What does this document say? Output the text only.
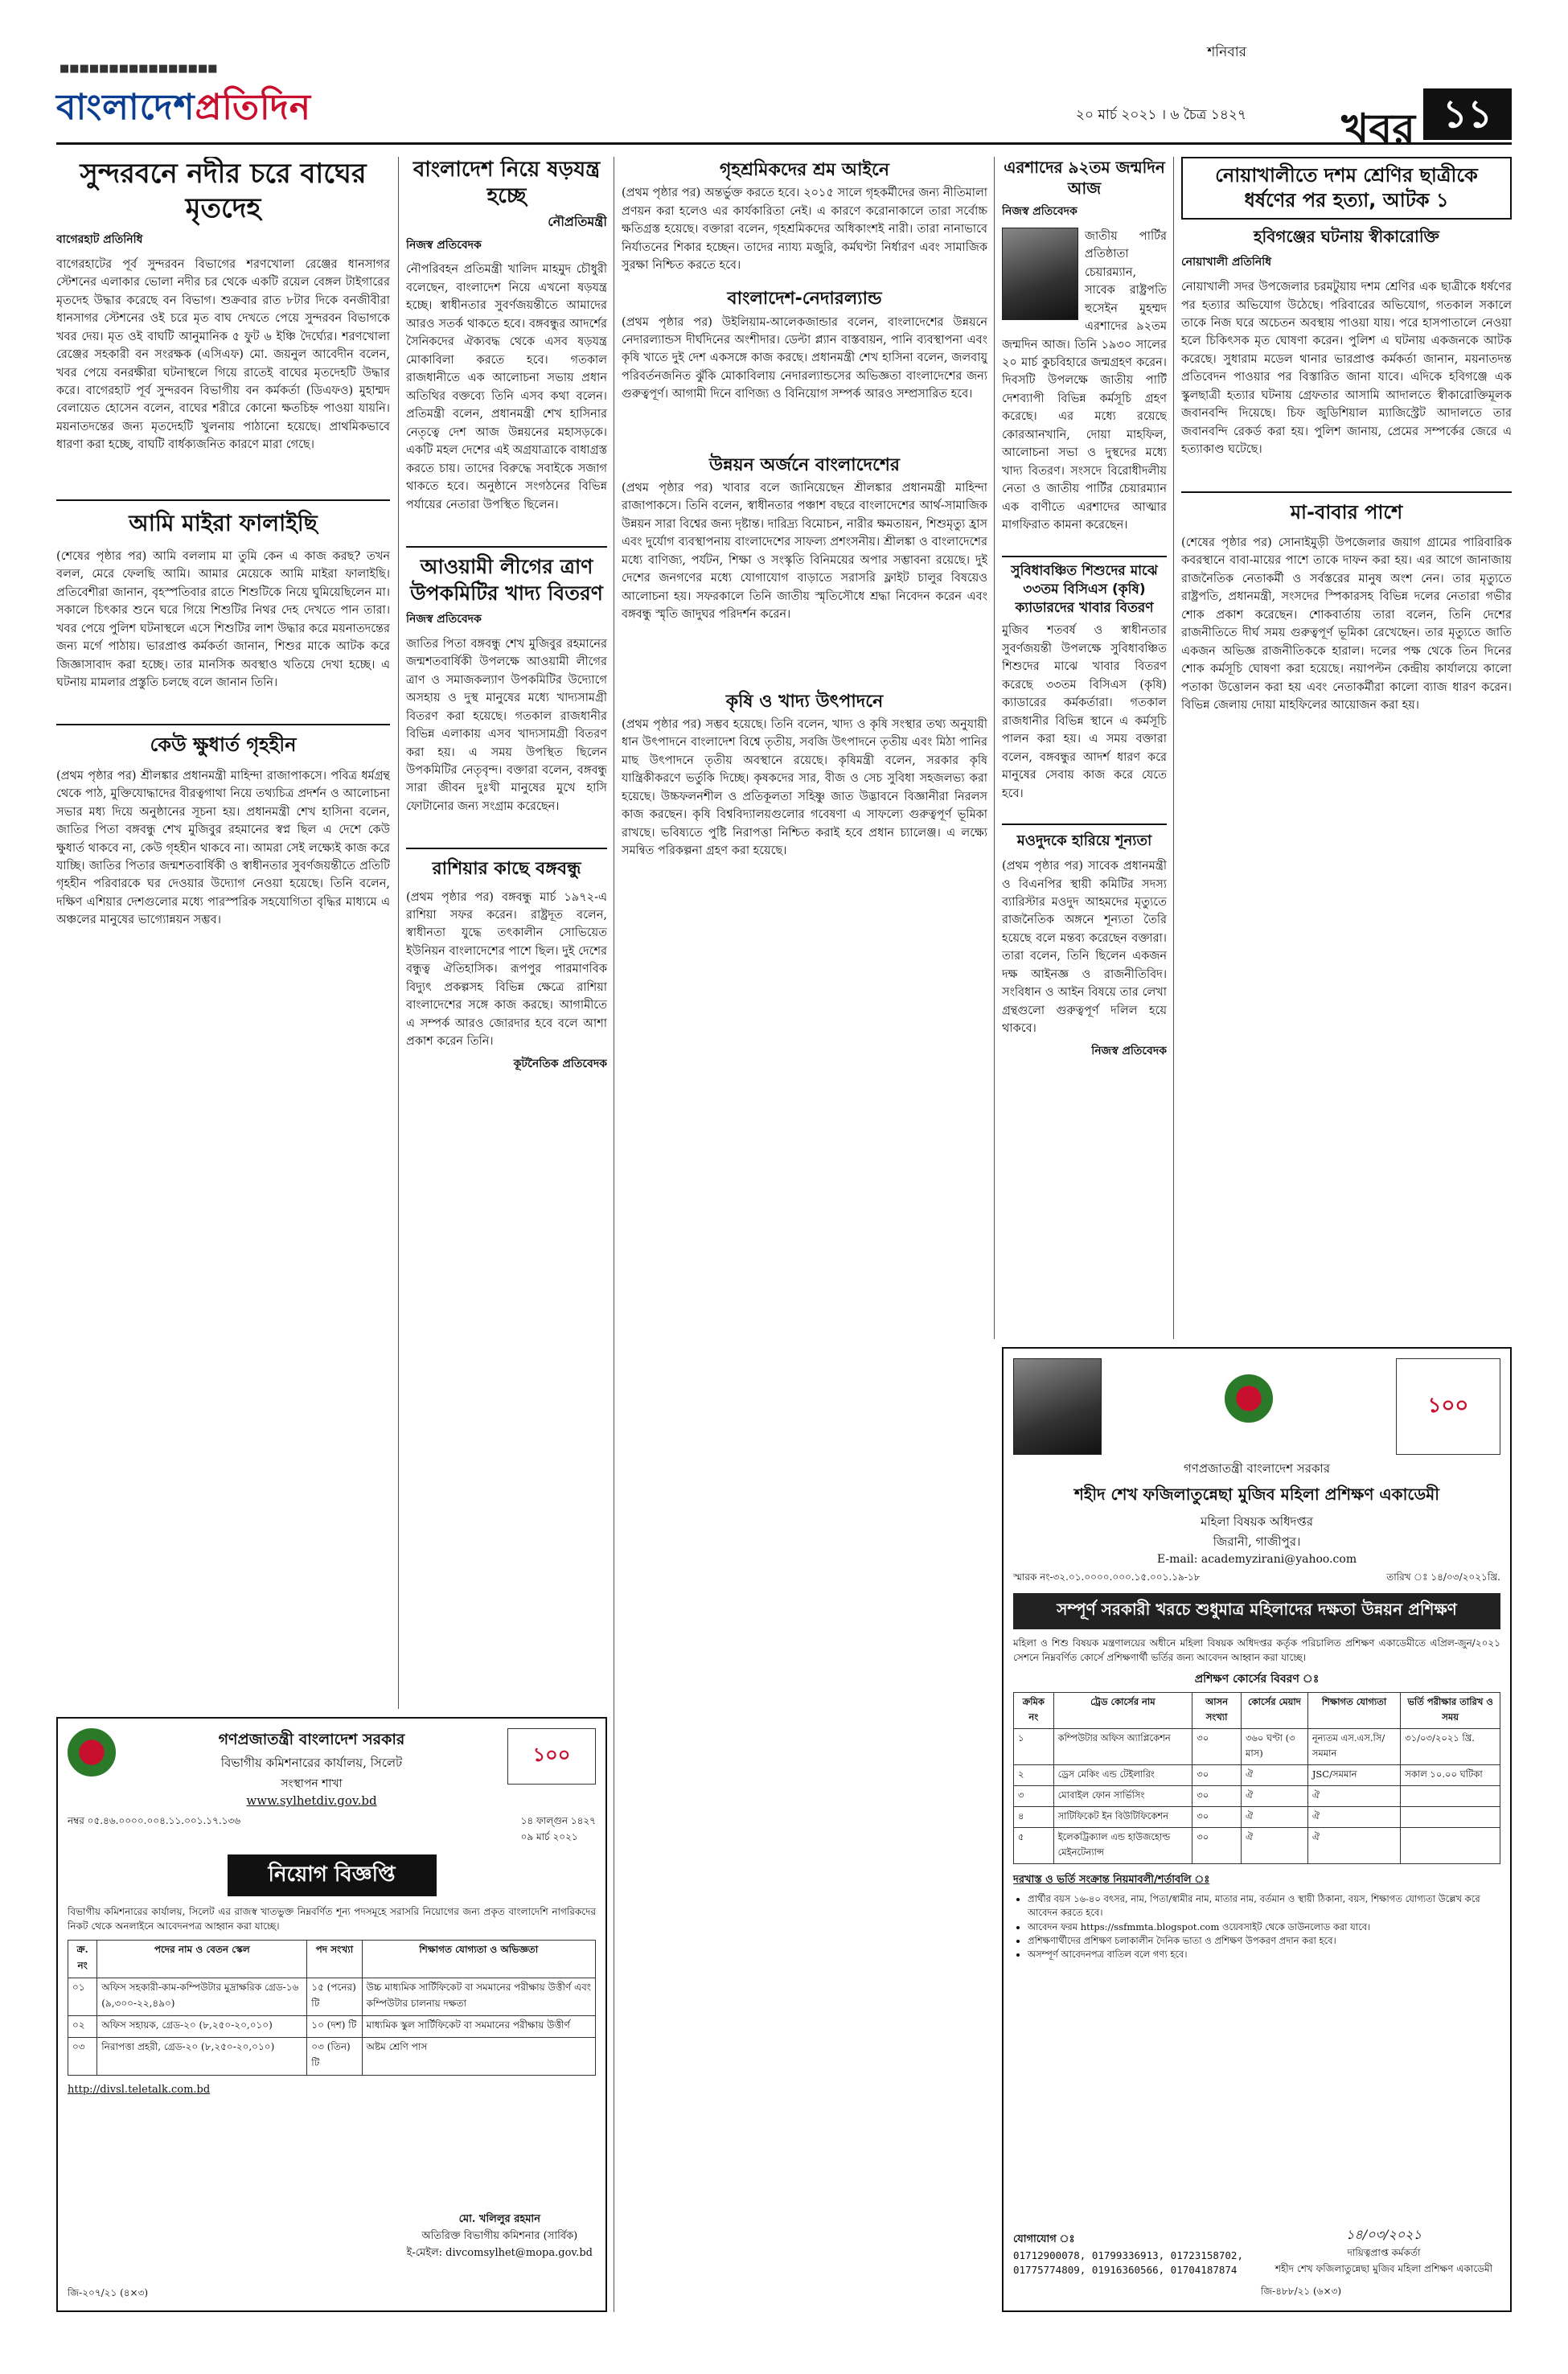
■■■■■■■■■■■■■■■■
বাংলাদেশপ্রতিদিন
শনিবার
২০ মার্চ ২০২১ । ৬ চৈত্র ১৪২৭ খবর ১১
সুন্দরবনে নদীর চরে বাঘের মৃতদেহ
বাগেরহাট প্রতিনিধি

বাগেরহাটের পূর্ব সুন্দরবন বিভাগের শরণখোলা রেঞ্জের ধানসাগর স্টেশনের এলাকার ভোলা নদীর চর থেকে একটি রয়েল বেঙ্গল টাইগারের মৃতদেহ উদ্ধার করেছে বন বিভাগ। শুক্রবার রাত ৮টার দিকে বনজীবীরা ধানসাগর স্টেশনের ওই চরে মৃত বাঘ দেখতে পেয়ে সুন্দরবন বিভাগকে খবর দেয়। মৃত ওই বাঘটি আনুমানিক ৫ ফুট ৬ ইঞ্চি দৈর্ঘ্যের। শরণখোলা রেঞ্জের সহকারী বন সংরক্ষক (এসিএফ) মো. জয়নুল আবেদীন বলেন, খবর পেয়ে বনরক্ষীরা ঘটনাস্থলে গিয়ে রাতেই বাঘের মৃতদেহটি উদ্ধার করে। বাগেরহাট পূর্ব সুন্দরবন বিভাগীয় বন কর্মকর্তা (ডিএফও) মুহাম্মদ বেলায়েত হোসেন বলেন, বাঘের শরীরে কোনো ক্ষতচিহ্ন পাওয়া যায়নি। ময়নাতদন্তের জন্য মৃতদেহটি খুলনায় পাঠানো হয়েছে। প্রাথমিকভাবে ধারণা করা হচ্ছে, বাঘটি বার্ধক্যজনিত কারণে মারা গেছে।

আমি মাইরা ফালাইছি

(শেষের পৃষ্ঠার পর) আমি বললাম মা তুমি কেন এ কাজ করছ? তখন বলল, মেরে ফেলছি আমি। আমার মেয়েকে আমি মাইরা ফালাইছি। প্রতিবেশীরা জানান, বৃহস্পতিবার রাতে শিশুটিকে নিয়ে ঘুমিয়েছিলেন মা। সকালে চিৎকার শুনে ঘরে গিয়ে শিশুটির নিথর দেহ দেখতে পান তারা। খবর পেয়ে পুলিশ ঘটনাস্থলে এসে শিশুটির লাশ উদ্ধার করে ময়নাতদন্তের জন্য মর্গে পাঠায়। ভারপ্রাপ্ত কর্মকর্তা জানান, শিশুর মাকে আটক করে জিজ্ঞাসাবাদ করা হচ্ছে। তার মানসিক অবস্থাও খতিয়ে দেখা হচ্ছে। এ ঘটনায় মামলার প্রস্তুতি চলছে বলে জানান তিনি।

কেউ ক্ষুধার্ত গৃহহীন

(প্রথম পৃষ্ঠার পর) শ্রীলঙ্কার প্রধানমন্ত্রী মাহিন্দা রাজাপাকসে। পবিত্র ধর্মগ্রন্থ থেকে পাঠ, মুক্তিযোদ্ধাদের বীরত্বগাথা নিয়ে তথ্যচিত্র প্রদর্শন ও আলোচনা সভার মধ্য দিয়ে অনুষ্ঠানের সূচনা হয়। প্রধানমন্ত্রী শেখ হাসিনা বলেন, জাতির পিতা বঙ্গবন্ধু শেখ মুজিবুর রহমানের স্বপ্ন ছিল এ দেশে কেউ ক্ষুধার্ত থাকবে না, কেউ গৃহহীন থাকবে না। আমরা সেই লক্ষ্যেই কাজ করে যাচ্ছি। জাতির পিতার জন্মশতবার্ষিকী ও স্বাধীনতার সুবর্ণজয়ন্তীতে প্রতিটি গৃহহীন পরিবারকে ঘর দেওয়ার উদ্যোগ নেওয়া হয়েছে। তিনি বলেন, দক্ষিণ এশিয়ার দেশগুলোর মধ্যে পারস্পরিক সহযোগিতা বৃদ্ধির মাধ্যমে এ অঞ্চলের মানুষের ভাগ্যোন্নয়ন সম্ভব।

বাংলাদেশ নিয়ে ষড়যন্ত্র হচ্ছে
নৌপ্রতিমন্ত্রী
নিজস্ব প্রতিবেদক

নৌপরিবহন প্রতিমন্ত্রী খালিদ মাহমুদ চৌধুরী বলেছেন, বাংলাদেশ নিয়ে এখনো ষড়যন্ত্র হচ্ছে। স্বাধীনতার সুবর্ণজয়ন্তীতে আমাদের আরও সতর্ক থাকতে হবে। বঙ্গবন্ধুর আদর্শের সৈনিকদের ঐক্যবদ্ধ থেকে এসব ষড়যন্ত্র মোকাবিলা করতে হবে। গতকাল রাজধানীতে এক আলোচনা সভায় প্রধান অতিথির বক্তব্যে তিনি এসব কথা বলেন। প্রতিমন্ত্রী বলেন, প্রধানমন্ত্রী শেখ হাসিনার নেতৃত্বে দেশ আজ উন্নয়নের মহাসড়কে। একটি মহল দেশের এই অগ্রযাত্রাকে বাধাগ্রস্ত করতে চায়। তাদের বিরুদ্ধে সবাইকে সজাগ থাকতে হবে। অনুষ্ঠানে সংগঠনের বিভিন্ন পর্যায়ের নেতারা উপস্থিত ছিলেন।

আওয়ামী লীগের ত্রাণ উপকমিটির খাদ্য বিতরণ
নিজস্ব প্রতিবেদক

জাতির পিতা বঙ্গবন্ধু শেখ মুজিবুর রহমানের জন্মশতবার্ষিকী উপলক্ষে আওয়ামী লীগের ত্রাণ ও সমাজকল্যাণ উপকমিটির উদ্যোগে অসহায় ও দুস্থ মানুষের মধ্যে খাদ্যসামগ্রী বিতরণ করা হয়েছে। গতকাল রাজধানীর বিভিন্ন এলাকায় এসব খাদ্যসামগ্রী বিতরণ করা হয়। এ সময় উপস্থিত ছিলেন উপকমিটির নেতৃবৃন্দ। বক্তারা বলেন, বঙ্গবন্ধু সারা জীবন দুঃখী মানুষের মুখে হাসি ফোটানোর জন্য সংগ্রাম করেছেন।

রাশিয়ার কাছে বঙ্গবন্ধু

(প্রথম পৃষ্ঠার পর) বঙ্গবন্ধু মার্চ ১৯৭২-এ রাশিয়া সফর করেন। রাষ্ট্রদূত বলেন, স্বাধীনতা যুদ্ধে তৎকালীন সোভিয়েত ইউনিয়ন বাংলাদেশের পাশে ছিল। দুই দেশের বন্ধুত্ব ঐতিহাসিক। রূপপুর পারমাণবিক বিদ্যুৎ প্রকল্পসহ বিভিন্ন ক্ষেত্রে রাশিয়া বাংলাদেশের সঙ্গে কাজ করছে। আগামীতে এ সম্পর্ক আরও জোরদার হবে বলে আশা প্রকাশ করেন তিনি।

কূটনৈতিক প্রতিবেদক
গৃহশ্রমিকদের শ্রম আইনে

(প্রথম পৃষ্ঠার পর) অন্তর্ভুক্ত করতে হবে। ২০১৫ সালে গৃহকর্মীদের জন্য নীতিমালা প্রণয়ন করা হলেও এর কার্যকারিতা নেই। এ কারণে করোনাকালে তারা সর্বোচ্চ ক্ষতিগ্রস্ত হয়েছে। বক্তারা বলেন, গৃহশ্রমিকদের অধিকাংশই নারী। তারা নানাভাবে নির্যাতনের শিকার হচ্ছেন। তাদের ন্যায্য মজুরি, কর্মঘণ্টা নির্ধারণ এবং সামাজিক সুরক্ষা নিশ্চিত করতে হবে।

বাংলাদেশ-নেদারল্যান্ড

(প্রথম পৃষ্ঠার পর) উইলিয়াম-আলেকজান্ডার বলেন, বাংলাদেশের উন্নয়নে নেদারল্যান্ডস দীর্ঘদিনের অংশীদার। ডেল্টা প্ল্যান বাস্তবায়ন, পানি ব্যবস্থাপনা এবং কৃষি খাতে দুই দেশ একসঙ্গে কাজ করছে। প্রধানমন্ত্রী শেখ হাসিনা বলেন, জলবায়ু পরিবর্তনজনিত ঝুঁকি মোকাবিলায় নেদারল্যান্ডসের অভিজ্ঞতা বাংলাদেশের জন্য গুরুত্বপূর্ণ। আগামী দিনে বাণিজ্য ও বিনিয়োগ সম্পর্ক আরও সম্প্রসারিত হবে।

উন্নয়ন অর্জনে বাংলাদেশের

(প্রথম পৃষ্ঠার পর) খাবার বলে জানিয়েছেন শ্রীলঙ্কার প্রধানমন্ত্রী মাহিন্দা রাজাপাকসে। তিনি বলেন, স্বাধীনতার পঞ্চাশ বছরে বাংলাদেশের আর্থ-সামাজিক উন্নয়ন সারা বিশ্বের জন্য দৃষ্টান্ত। দারিদ্র্য বিমোচন, নারীর ক্ষমতায়ন, শিশুমৃত্যু হ্রাস এবং দুর্যোগ ব্যবস্থাপনায় বাংলাদেশের সাফল্য প্রশংসনীয়। শ্রীলঙ্কা ও বাংলাদেশের মধ্যে বাণিজ্য, পর্যটন, শিক্ষা ও সংস্কৃতি বিনিময়ের অপার সম্ভাবনা রয়েছে। দুই দেশের জনগণের মধ্যে যোগাযোগ বাড়াতে সরাসরি ফ্লাইট চালুর বিষয়েও আলোচনা হয়। সফরকালে তিনি জাতীয় স্মৃতিসৌধে শ্রদ্ধা নিবেদন করেন এবং বঙ্গবন্ধু স্মৃতি জাদুঘর পরিদর্শন করেন।

কৃষি ও খাদ্য উৎপাদনে

(প্রথম পৃষ্ঠার পর) সম্ভব হয়েছে। তিনি বলেন, খাদ্য ও কৃষি সংস্থার তথ্য অনুযায়ী ধান উৎপাদনে বাংলাদেশ বিশ্বে তৃতীয়, সবজি উৎপাদনে তৃতীয় এবং মিঠা পানির মাছ উৎপাদনে তৃতীয় অবস্থানে রয়েছে। কৃষিমন্ত্রী বলেন, সরকার কৃষি যান্ত্রিকীকরণে ভর্তুকি দিচ্ছে। কৃষকদের সার, বীজ ও সেচ সুবিধা সহজলভ্য করা হয়েছে। উচ্চফলনশীল ও প্রতিকূলতা সহিষ্ণু জাত উদ্ভাবনে বিজ্ঞানীরা নিরলস কাজ করছেন। কৃষি বিশ্ববিদ্যালয়গুলোর গবেষণা এ সাফল্যে গুরুত্বপূর্ণ ভূমিকা রাখছে। ভবিষ্যতে পুষ্টি নিরাপত্তা নিশ্চিত করাই হবে প্রধান চ্যালেঞ্জ। এ লক্ষ্যে সমন্বিত পরিকল্পনা গ্রহণ করা হয়েছে।

এরশাদের ৯২তম জন্মদিন আজ
নিজস্ব প্রতিবেদক

জাতীয় পার্টির প্রতিষ্ঠাতা চেয়ারম্যান, সাবেক রাষ্ট্রপতি হুসেইন মুহম্মদ এরশাদের ৯২তম জন্মদিন আজ। তিনি ১৯৩০ সালের ২০ মার্চ কুচবিহারে জন্মগ্রহণ করেন। দিবসটি উপলক্ষে জাতীয় পার্টি দেশব্যাপী বিভিন্ন কর্মসূচি গ্রহণ করেছে। এর মধ্যে রয়েছে কোরআনখানি, দোয়া মাহফিল, আলোচনা সভা ও দুস্থদের মধ্যে খাদ্য বিতরণ। সংসদে বিরোধীদলীয় নেতা ও জাতীয় পার্টির চেয়ারম্যান এক বাণীতে এরশাদের আত্মার মাগফিরাত কামনা করেছেন।

সুবিধাবঞ্চিত শিশুদের মাঝে ৩৩তম বিসিএস (কৃষি) ক্যাডারদের খাবার বিতরণ

মুজিব শতবর্ষ ও স্বাধীনতার সুবর্ণজয়ন্তী উপলক্ষে সুবিধাবঞ্চিত শিশুদের মাঝে খাবার বিতরণ করেছে ৩৩তম বিসিএস (কৃষি) ক্যাডারের কর্মকর্তারা। গতকাল রাজধানীর বিভিন্ন স্থানে এ কর্মসূচি পালন করা হয়। এ সময় বক্তারা বলেন, বঙ্গবন্ধুর আদর্শ ধারণ করে মানুষের সেবায় কাজ করে যেতে হবে।

মওদুদকে হারিয়ে শূন্যতা

(প্রথম পৃষ্ঠার পর) সাবেক প্রধানমন্ত্রী ও বিএনপির স্থায়ী কমিটির সদস্য ব্যারিস্টার মওদুদ আহমদের মৃত্যুতে রাজনৈতিক অঙ্গনে শূন্যতা তৈরি হয়েছে বলে মন্তব্য করেছেন বক্তারা। তারা বলেন, তিনি ছিলেন একজন দক্ষ আইনজ্ঞ ও রাজনীতিবিদ। সংবিধান ও আইন বিষয়ে তার লেখা গ্রন্থগুলো গুরুত্বপূর্ণ দলিল হয়ে থাকবে।

নিজস্ব প্রতিবেদক
নোয়াখালীতে দশম শ্রেণির ছাত্রীকে ধর্ষণের পর হত্যা, আটক ১
হবিগঞ্জের ঘটনায় স্বীকারোক্তি
নোয়াখালী প্রতিনিধি

নোয়াখালী সদর উপজেলার চরমটুয়ায় দশম শ্রেণির এক ছাত্রীকে ধর্ষণের পর হত্যার অভিযোগ উঠেছে। পরিবারের অভিযোগ, গতকাল সকালে তাকে নিজ ঘরে অচেতন অবস্থায় পাওয়া যায়। পরে হাসপাতালে নেওয়া হলে চিকিৎসক মৃত ঘোষণা করেন। পুলিশ এ ঘটনায় একজনকে আটক করেছে। সুধারাম মডেল থানার ভারপ্রাপ্ত কর্মকর্তা জানান, ময়নাতদন্ত প্রতিবেদন পাওয়ার পর বিস্তারিত জানা যাবে। এদিকে হবিগঞ্জে এক স্কুলছাত্রী হত্যার ঘটনায় গ্রেফতার আসামি আদালতে স্বীকারোক্তিমূলক জবানবন্দি দিয়েছে। চিফ জুডিশিয়াল ম্যাজিস্ট্রেট আদালতে তার জবানবন্দি রেকর্ড করা হয়। পুলিশ জানায়, প্রেমের সম্পর্কের জেরে এ হত্যাকাণ্ড ঘটেছে।

মা-বাবার পাশে

(শেষের পৃষ্ঠার পর) সোনাইমুড়ী উপজেলার জয়াগ গ্রামের পারিবারিক কবরস্থানে বাবা-মায়ের পাশে তাকে দাফন করা হয়। এর আগে জানাজায় রাজনৈতিক নেতাকর্মী ও সর্বস্তরের মানুষ অংশ নেন। তার মৃত্যুতে রাষ্ট্রপতি, প্রধানমন্ত্রী, সংসদের স্পিকারসহ বিভিন্ন দলের নেতারা গভীর শোক প্রকাশ করেছেন। শোকবার্তায় তারা বলেন, তিনি দেশের রাজনীতিতে দীর্ঘ সময় গুরুত্বপূর্ণ ভূমিকা রেখেছেন। তার মৃত্যুতে জাতি একজন অভিজ্ঞ রাজনীতিককে হারাল। দলের পক্ষ থেকে তিন দিনের শোক কর্মসূচি ঘোষণা করা হয়েছে। নয়াপল্টন কেন্দ্রীয় কার্যালয়ে কালো পতাকা উত্তোলন করা হয় এবং নেতাকর্মীরা কালো ব্যাজ ধারণ করেন। বিভিন্ন জেলায় দোয়া মাহফিলের আয়োজন করা হয়।

গণপ্রজাতন্ত্রী বাংলাদেশ সরকার
বিভাগীয় কমিশনারের কার্যালয়, সিলেট
সংস্থাপন শাখা
www.sylhetdiv.gov.bd
১০০
নম্বর ০৫.৪৬.০০০০.০০৪.১১.০০১.১৭.১৩৬	১৪ ফাল্গুন ১৪২৭
০৯ মার্চ ২০২১
নিয়োগ বিজ্ঞপ্তি

বিভাগীয় কমিশনারের কার্যালয়, সিলেট এর রাজস্ব খাতভুক্ত নিম্নবর্ণিত শূন্য পদসমূহে সরাসরি নিয়োগের জন্য প্রকৃত বাংলাদেশি নাগরিকদের নিকট থেকে অনলাইনে আবেদনপত্র আহ্বান করা যাচ্ছে।

ক্র. নং	পদের নাম ও বেতন স্কেল	পদ সংখ্যা	শিক্ষাগত যোগ্যতা ও অভিজ্ঞতা
০১	অফিস সহকারী-কাম-কম্পিউটার মুদ্রাক্ষরিক গ্রেড-১৬ (৯,৩০০-২২,৪৯০)	১৫ (পনের) টি	উচ্চ মাধ্যমিক সার্টিফিকেট বা সমমানের পরীক্ষায় উত্তীর্ণ এবং কম্পিউটার চালনায় দক্ষতা
০২	অফিস সহায়ক, গ্রেড-২০ (৮,২৫০-২০,০১০)	১০ (দশ) টি	মাধ্যমিক স্কুল সার্টিফিকেট বা সমমানের পরীক্ষায় উত্তীর্ণ
০৩	নিরাপত্তা প্রহরী, গ্রেড-২০ (৮,২৫০-২০,০১০)	০৩ (তিন) টি	অষ্টম শ্রেণি পাস
http://divsl.teletalk.com.bd
মো. খলিলুর রহমান
অতিরিক্ত বিভাগীয় কমিশনার (সার্বিক)
ই-মেইল: divcomsylhet@mopa.gov.bd
জি-২০৭/২১ (৪×৩)
১০০
গণপ্রজাতন্ত্রী বাংলাদেশ সরকার
শহীদ শেখ ফজিলাতুন্নেছা মুজিব মহিলা প্রশিক্ষণ একাডেমী
মহিলা বিষয়ক অধিদপ্তর
জিরানী, গাজীপুর।
E-mail: academyzirani@yahoo.com
স্মারক নং-৩২.০১.০০০০.০০০.১৫.০০১.১৯-১৮	তারিখ ঃ ১৪/০৩/২০২১খ্রি.
সম্পূর্ণ সরকারী খরচে শুধুমাত্র মহিলাদের দক্ষতা উন্নয়ন প্রশিক্ষণ

মহিলা ও শিশু বিষয়ক মন্ত্রণালয়ের অধীনে মহিলা বিষয়ক অধিদপ্তর কর্তৃক পরিচালিত প্রশিক্ষণ একাডেমীতে এপ্রিল-জুন/২০২১ সেশনে নিম্নবর্ণিত কোর্সে প্রশিক্ষণার্থী ভর্তির জন্য আবেদন আহ্বান করা যাচ্ছে।

প্রশিক্ষণ কোর্সের বিবরণ ঃ
ক্রমিক নং	ট্রেড কোর্সের নাম	আসন সংখ্যা	কোর্সের মেয়াদ	শিক্ষাগত যোগ্যতা	ভর্তি পরীক্ষার তারিখ ও সময়
১	কম্পিউটার অফিস অ্যাপ্লিকেশন	৩০	৩৬০ ঘণ্টা (৩ মাস)	নূন্যতম এস.এস.সি/ সমমান	৩১/০৩/২০২১ খ্রি.
২	ড্রেস মেকিং এন্ড টেইলারিং	৩০	ঐ	JSC/সমমান	সকাল ১০.০০ ঘটিকা
৩	মোবাইল ফোন সার্ভিসিং	৩০	ঐ	ঐ	
৪	সাটিফিকেট ইন বিউটিফিকেশন	৩০	ঐ	ঐ	
৫	ইলেকট্রিক্যাল এন্ড হাউজহোল্ড মেইনটেন্যান্স	৩০	ঐ	ঐ	
দরখাস্ত ও ভর্তি সংক্রান্ত নিয়মাবলী/শর্তাবলি ঃ
• প্রার্থীর বয়স ১৬-৪০ বৎসর, নাম, পিতা/স্বামীর নাম, মাতার নাম, বর্তমান ও স্থায়ী ঠিকানা, বয়স, শিক্ষাগত যোগ্যতা উল্লেখ করে আবেদন করতে হবে।
• আবেদন ফরম https://ssfmmta.blogspot.com ওয়েবসাইট থেকে ডাউনলোড করা যাবে।
• প্রশিক্ষণার্থীদের প্রশিক্ষণ চলাকালীন দৈনিক ভাতা ও প্রশিক্ষণ উপকরণ প্রদান করা হবে।
• অসম্পূর্ণ আবেদনপত্র বাতিল বলে গণ্য হবে।
যোগাযোগ ঃ
01712900078, 01799336913, 01723158702, 01775774809, 01916360566, 01704187874
১৪/০৩/২০২১
দায়িত্বপ্রাপ্ত কর্মকর্তা
শহীদ শেখ ফজিলাতুন্নেছা মুজিব মহিলা প্রশিক্ষণ একাডেমী
জি-৪৮৮/২১ (৬×৩)
